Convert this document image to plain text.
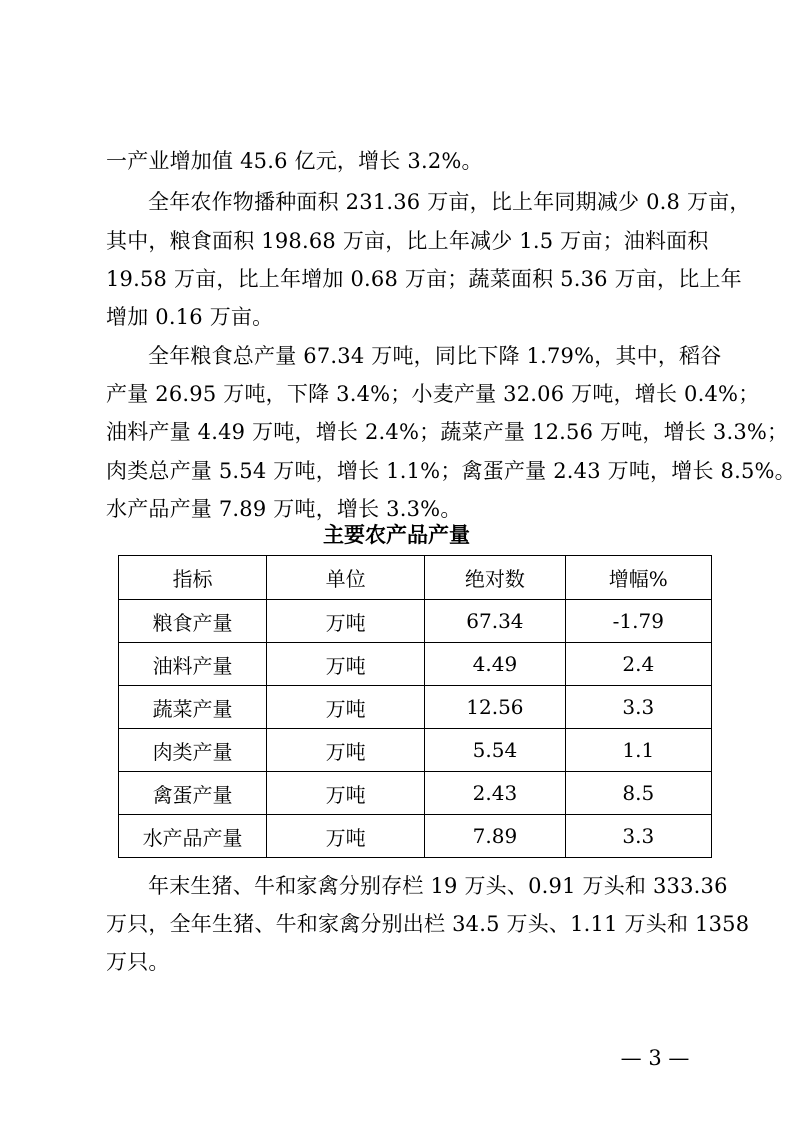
一产业增加值 45.6 亿元，增长 3.2%。
全年农作物播种面积 231.36 万亩，比上年同期减少 0.8 万亩，
其中，粮食面积 198.68 万亩，比上年减少 1.5 万亩；油料面积
19.58 万亩，比上年增加 0.68 万亩；蔬菜面积 5.36 万亩，比上年
增加 0.16 万亩。
全年粮食总产量 67.34 万吨，同比下降 1.79%，其中，稻谷
产量 26.95 万吨，下降 3.4%；小麦产量 32.06 万吨，增长 0.4%；
油料产量 4.49 万吨，增长 2.4%；蔬菜产量 12.56 万吨，增长 3.3%；
肉类总产量 5.54 万吨，增长 1.1%；禽蛋产量 2.43 万吨，增长 8.5%。
水产品产量 7.89 万吨，增长 3.3%。
主要农产品产量
指标	单位	绝对数	增幅%
粮食产量	万吨	67.34	-1.79
油料产量	万吨	4.49	2.4
蔬菜产量	万吨	12.56	3.3
肉类产量	万吨	5.54	1.1
禽蛋产量	万吨	2.43	8.5
水产品产量	万吨	7.89	3.3
年末生猪、牛和家禽分别存栏 19 万头、0.91 万头和 333.36
万只，全年生猪、牛和家禽分别出栏 34.5 万头、1.11 万头和 1358
万只。
— 3 —
